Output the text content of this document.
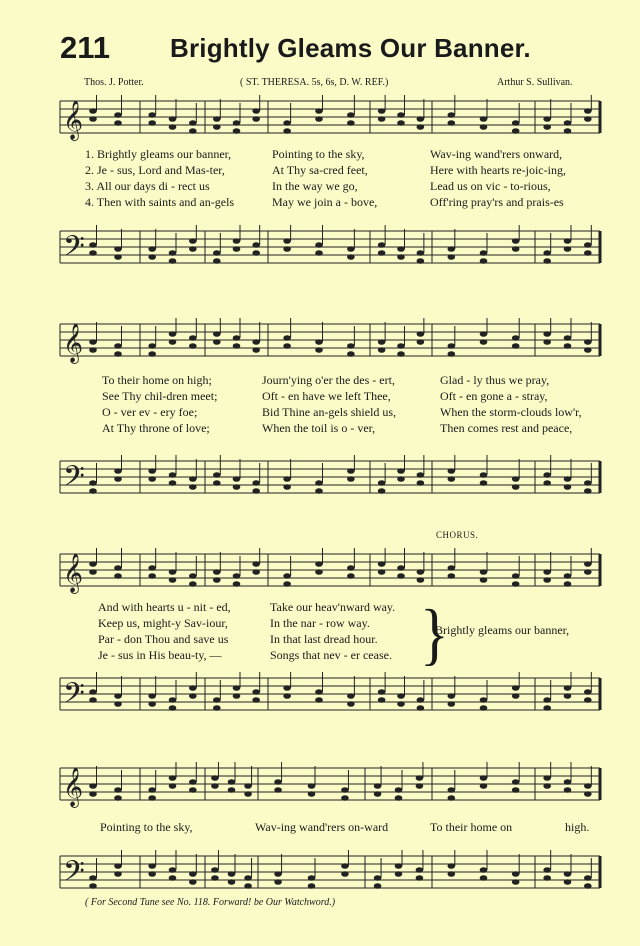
211 Brightly Gleams Our Banner.
Thos. J. Potter.	( ST. THERESA. 5s, 6s, D. W. REF.)	Arthur S. Sullivan.
𝄞
𝄢
𝄞
𝄢
𝄞
𝄢
𝄞
𝄢
1. Brightly gleams our banner,	Pointing to the sky,	Wav-ing wand'rers onward,
2. Je - sus, Lord and Mas-ter,	At Thy sa-cred feet,	Here with hearts re-joic-ing,
3. All our days di - rect us	In the way we go,	Lead us on vic - to-rious,
4. Then with saints and an-gels	May we join a - bove,	Off'ring pray'rs and prais-es
To their home on high;	Journ'ying o'er the des - ert,	Glad - ly thus we pray,
See Thy chil-dren meet;	Oft - en have we left Thee,	Oft - en gone a - stray,
O - ver ev - ery foe;	Bid Thine an-gels shield us,	When the storm-clouds low'r,
At Thy throne of love;	When the toil is o - ver,	Then comes rest and peace,
CHORUS.
And with hearts u - nit - ed,	Take our heav'nward way.
Keep us, might-y Sav-iour,	In the nar - row way.
Par - don Thou and save us	In that last dread hour.
Je - sus in His beau-ty, —	Songs that nev - er cease. }
Brightly gleams our banner,
Pointing to the sky,	Wav-ing wand'rers on-ward	To their home on	high.
( For Second Tune see No. 118. Forward! be Our Watchword.)
